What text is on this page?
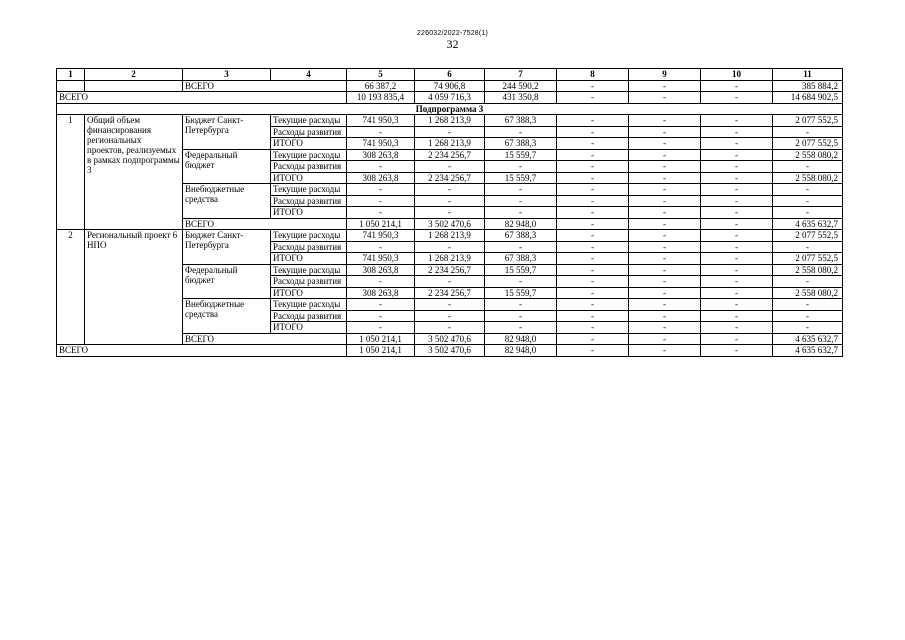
226032/2022-7528(1)
32
1	2	3	4	5	6	7	8	9	10	11
		ВСЕГО		66 387,2	74 906,8	244 590,2	-	-	-	385 884,2
ВСЕГО				10 193 835,4	4 059 716,3	431 350,8	-	-	-	14 684 902,5
Подпрограмма 3										
1	Общий объем финансирования региональных проектов, реализуемых в рамках подпрограммы 3	Бюджет Санкт-Петербурга	Текущие расходы	741 950,3	1 268 213,9	67 388,3	-	-	-	2 077 552,5
			Расходы развития	-	-	-	-	-	-	-
			ИТОГО	741 950,3	1 268 213,9	67 388,3	-	-	-	2 077 552,5
		Федеральный бюджет	Текущие расходы	308 263,8	2 234 256,7	15 559,7	-	-	-	2 558 080,2
			Расходы развития	-	-	-	-	-	-	-
			ИТОГО	308 263,8	2 234 256,7	15 559,7	-	-	-	2 558 080,2
		Внебюджетные средства	Текущие расходы	-	-	-	-	-	-	-
			Расходы развития	-	-	-	-	-	-	-
			ИТОГО	-	-	-	-	-	-	-
		ВСЕГО		1 050 214,1	3 502 470,6	82 948,0	-	-	-	4 635 632,7
2	Региональный проект 6 НПО	Бюджет Санкт-Петербурга	Текущие расходы	741 950,3	1 268 213,9	67 388,3	-	-	-	2 077 552,5
			Расходы развития	-	-	-	-	-	-	-
			ИТОГО	741 950,3	1 268 213,9	67 388,3	-	-	-	2 077 552,5
		Федеральный бюджет	Текущие расходы	308 263,8	2 234 256,7	15 559,7	-	-	-	2 558 080,2
			Расходы развития	-	-	-	-	-	-	-
			ИТОГО	308 263,8	2 234 256,7	15 559,7	-	-	-	2 558 080,2
		Внебюджетные средства	Текущие расходы	-	-	-	-	-	-	-
			Расходы развития	-	-	-	-	-	-	-
			ИТОГО	-	-	-	-	-	-	-
		ВСЕГО		1 050 214,1	3 502 470,6	82 948,0	-	-	-	4 635 632,7
ВСЕГО				1 050 214,1	3 502 470,6	82 948,0	-	-	-	4 635 632,7
